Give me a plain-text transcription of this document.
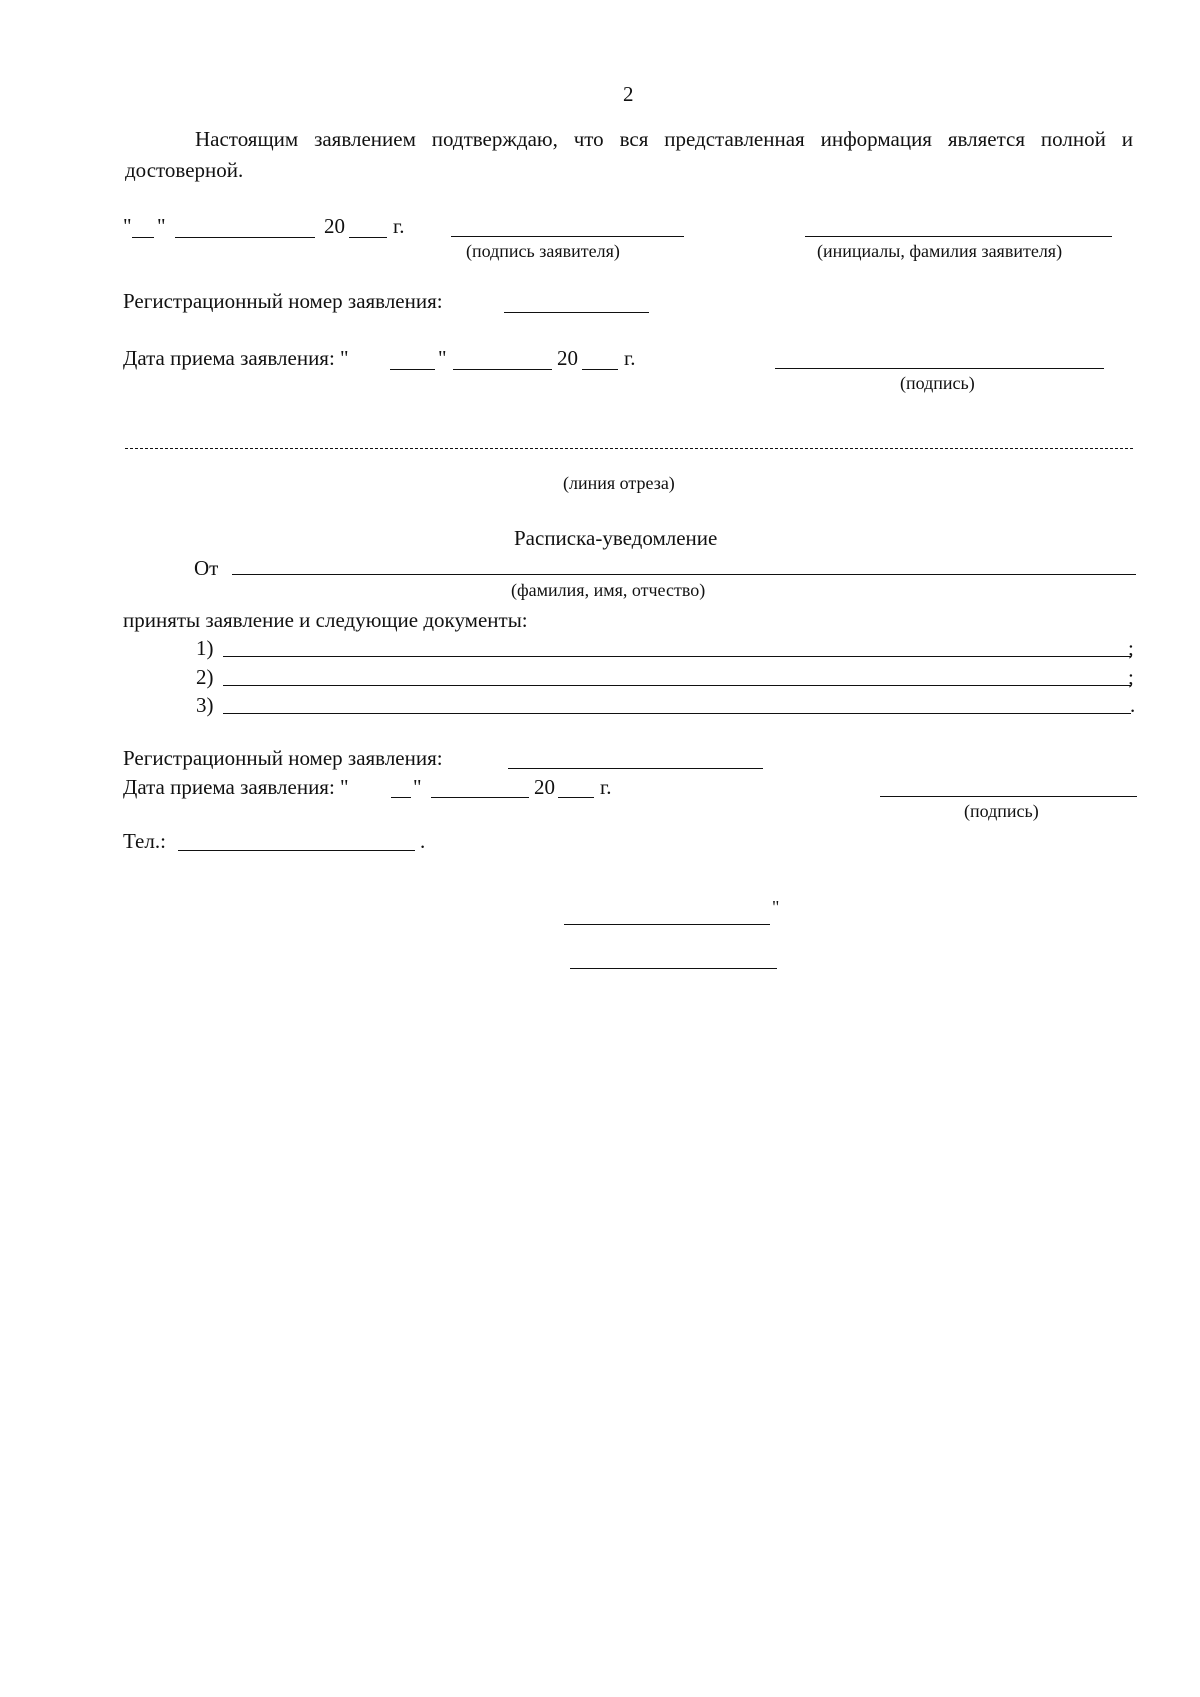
2
Настоящим заявлением подтверждаю, что вся представленная информация является полной и достоверной.
" "	20 г.
(подпись заявителя)	(инициалы, фамилия заявителя)
Регистрационный номер заявления:
Дата приема заявления: "	"	20 г.
(подпись)
(линия отреза)
Расписка-уведомление
От
(фамилия, имя, отчество)
приняты заявление и следующие документы:
1)	;
2)	;
3)	.
Регистрационный номер заявления:
Дата приема заявления: "	"	20 г.
(подпись)
Тел.:	.
"
